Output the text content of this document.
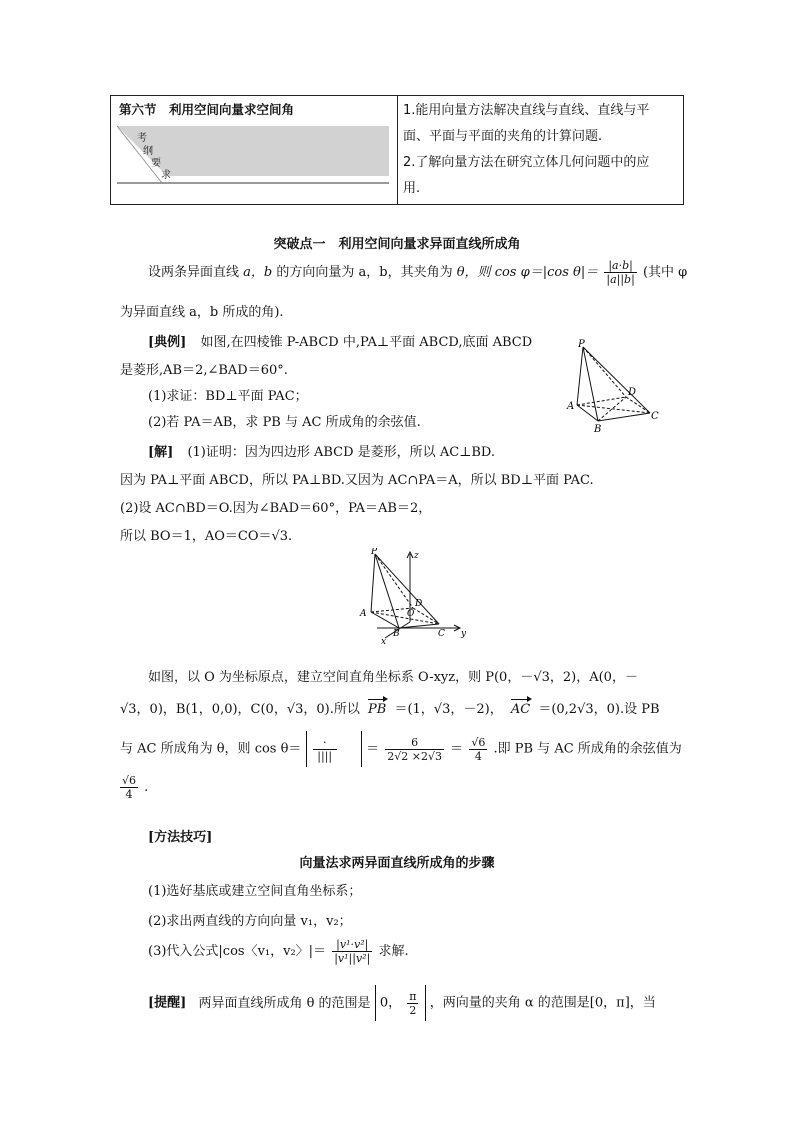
第六节　利用空间向量求空间角
考
纲
要
求
1.能用向量方法解决直线与直线、直线与平
面、平面与平面的夹角的计算问题.
2.了解向量方法在研究立体几何问题中的应
用.
突破点一　利用空间向量求异面直线所成角
设两条异面直线 a，b 的方向向量为 a，b，其夹角为 θ，则 cos φ＝|cos $\theta|= \frac{|a\cdot b|}{|a||b|}$ (其中 φ
为异面直线 a，b 所成的角).
[典例] 如图,在四棱锥 P-ABCD 中,PA⊥平面 ABCD,底面 ABCD
是菱形,AB＝2,∠BAD＝60°.
(1)求证：BD⊥平面 PAC；
(2)若 PA＝AB，求 PB 与 AC 所成角的余弦值.
P
A
B
C
D
[解] (1)证明：因为四边形 ABCD 是菱形，所以 AC⊥BD.
因为 PA⊥平面 ABCD，所以 PA⊥BD.又因为 AC∩PA＝A，所以 BD⊥平面 PAC.
(2)设 AC∩BD＝O.因为∠BAD＝60°，PA＝AB＝2，
所以 BO＝1，AO＝CO＝√3.
P	z
A	O
D
B	C
x
y
如图，以 O 为坐标原点，建立空间直角坐标系 O-xyz，则 P(0，－√3，2)，A(0，－
√3，0)，B(1，0,0)，C(0，√3，0).所以 PB ＝(1，√3，－2)， AC ＝(0,2√3，0).设 PB
与 AC 所成角为 θ，则 $\cos \theta= \frac{\cdot}{||||} = \frac{6}{2√2 \times 2√3} = \frac{√6}{4}$ .即 PB 与 AC 所成角的余弦值为
$\frac{√6}{4}$ .
[方法技巧]
向量法求两异面直线所成角的步骤
(1)选好基底或建立空间直角坐标系；
(2)求出两直线的方向向量 v₁，v₂；
(3)代入公式|cos〈v₁，v₂〉|＝ $\frac{\text{|v¹·v²|}}{\text{|v¹||v²|}}$ 求解.
[提醒] 两异面直线所成角 θ 的范围是 0， $\frac{\pi}{2}$ ，两向量的夹角 α 的范围是[0，π]，当
